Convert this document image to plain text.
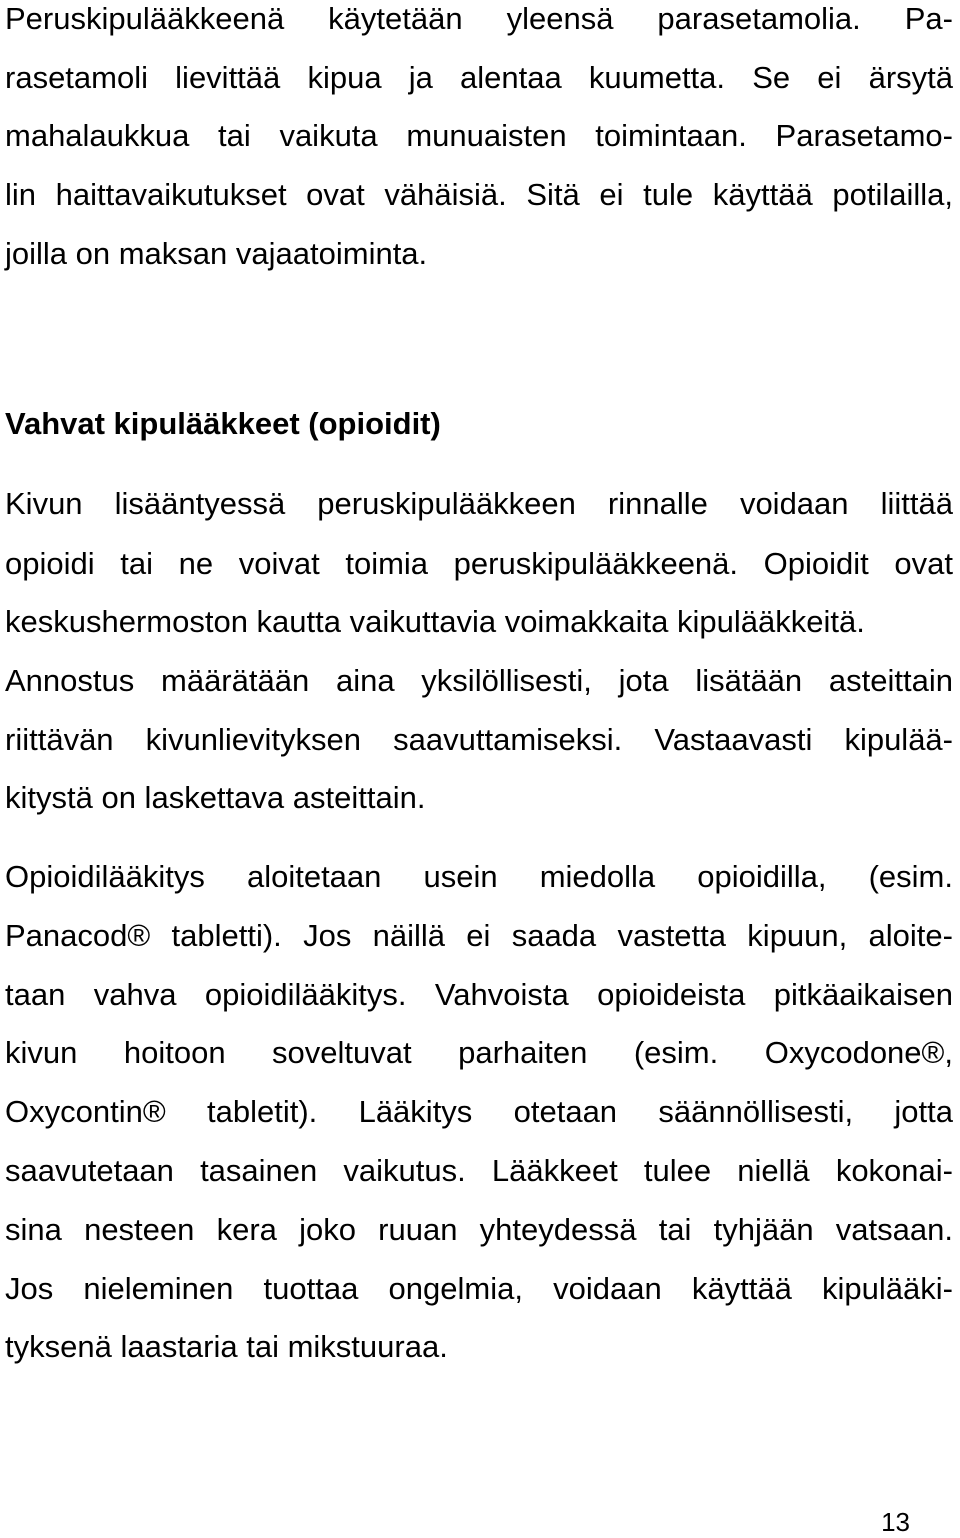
Peruskipulääkkeenä käytetään yleensä parasetamolia. Pa-
rasetamoli lievittää kipua ja alentaa kuumetta. Se ei ärsytä
mahalaukkua tai vaikuta munuaisten toimintaan. Parasetamo-
lin haittavaikutukset ovat vähäisiä. Sitä ei tule käyttää potilailla,
joilla on maksan vajaatoiminta.
Vahvat kipulääkkeet (opioidit)
Kivun lisääntyessä peruskipulääkkeen rinnalle voidaan liittää
opioidi tai ne voivat toimia peruskipulääkkeenä. Opioidit ovat
keskushermoston kautta vaikuttavia voimakkaita kipulääkkeitä.
Annostus määrätään aina yksilöllisesti, jota lisätään asteittain
riittävän kivunlievityksen saavuttamiseksi. Vastaavasti kipulää-
kitystä on laskettava asteittain.
Opioidilääkitys aloitetaan usein miedolla opioidilla, (esim.
Panacod® tabletti). Jos näillä ei saada vastetta kipuun, aloite-
taan vahva opioidilääkitys. Vahvoista opioideista pitkäaikaisen
kivun hoitoon soveltuvat parhaiten (esim. Oxycodone®,
Oxycontin® tabletit). Lääkitys otetaan säännöllisesti, jotta
saavutetaan tasainen vaikutus. Lääkkeet tulee niellä kokonai-
sina nesteen kera joko ruuan yhteydessä tai tyhjään vatsaan.
Jos nieleminen tuottaa ongelmia, voidaan käyttää kipulääki-
tyksenä laastaria tai mikstuuraa.
13
